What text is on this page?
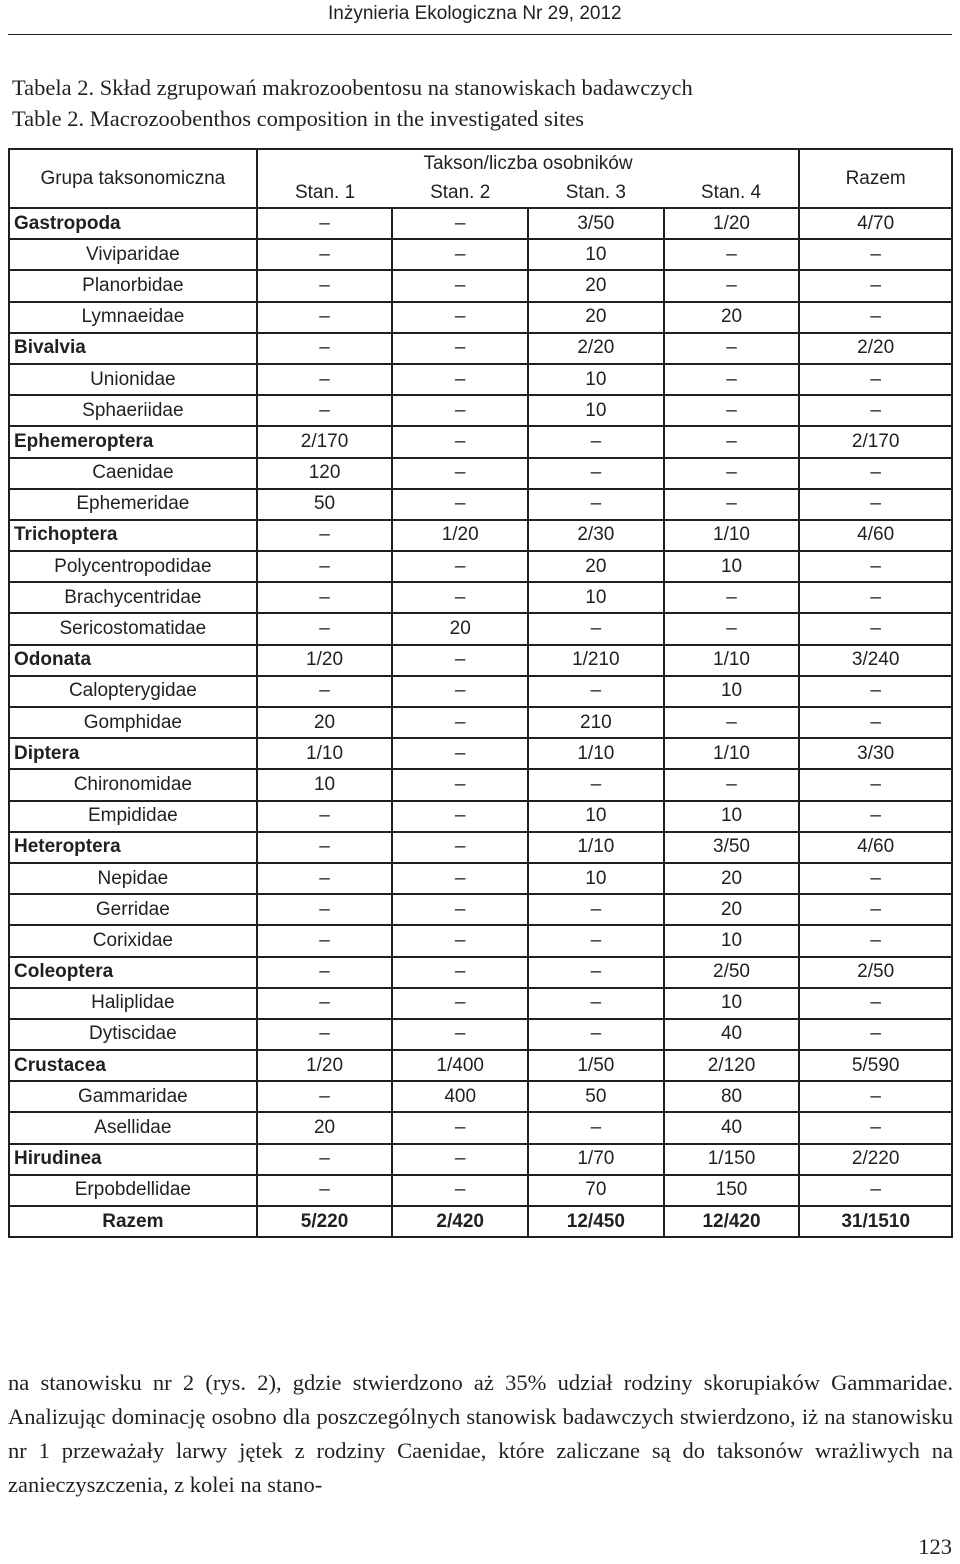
Inżynieria Ekologiczna Nr 29, 2012
Tabela 2. Skład zgrupowań makrozoobentosu na stanowiskach badawczych
Table 2. Macrozoobenthos composition in the investigated sites
Grupa taksonomiczna	Takson/liczba osobników				Razem
	Stan. 1	Stan. 2	Stan. 3	Stan. 4	
Gastropoda	–	–	3/50	1/20	4/70
Viviparidae	–	–	10	–	–
Planorbidae	–	–	20	–	–
Lymnaeidae	–	–	20	20	–
Bivalvia	–	–	2/20	–	2/20
Unionidae	–	–	10	–	–
Sphaeriidae	–	–	10	–	–
Ephemeroptera	2/170	–	–	–	2/170
Caenidae	120	–	–	–	–
Ephemeridae	50	–	–	–	–
Trichoptera	–	1/20	2/30	1/10	4/60
Polycentropodidae	–	–	20	10	–
Brachycentridae	–	–	10	–	–
Sericostomatidae	–	20	–	–	–
Odonata	1/20	–	1/210	1/10	3/240
Calopterygidae	–	–	–	10	–
Gomphidae	20	–	210	–	–
Diptera	1/10	–	1/10	1/10	3/30
Chironomidae	10	–	–	–	–
Empididae	–	–	10	10	–
Heteroptera	–	–	1/10	3/50	4/60
Nepidae	–	–	10	20	–
Gerridae	–	–	–	20	–
Corixidae	–	–	–	10	–
Coleoptera	–	–	–	2/50	2/50
Haliplidae	–	–	–	10	–
Dytiscidae	–	–	–	40	–
Crustacea	1/20	1/400	1/50	2/120	5/590
Gammaridae	–	400	50	80	–
Asellidae	20	–	–	40	–
Hirudinea	–	–	1/70	1/150	2/220
Erpobdellidae	–	–	70	150	–
Razem	5/220	2/420	12/450	12/420	31/1510

na stanowisku nr 2 (rys. 2), gdzie stwierdzono aż 35% udział rodziny skorupiaków Gammaridae. Analizując dominację osobno dla poszczególnych stanowisk badawczych stwierdzono, iż na stanowisku nr 1 przeważały larwy jętek z rodziny Caenidae, które zaliczane są do taksonów wrażliwych na zanieczyszczenia, z kolei na stano-

123
